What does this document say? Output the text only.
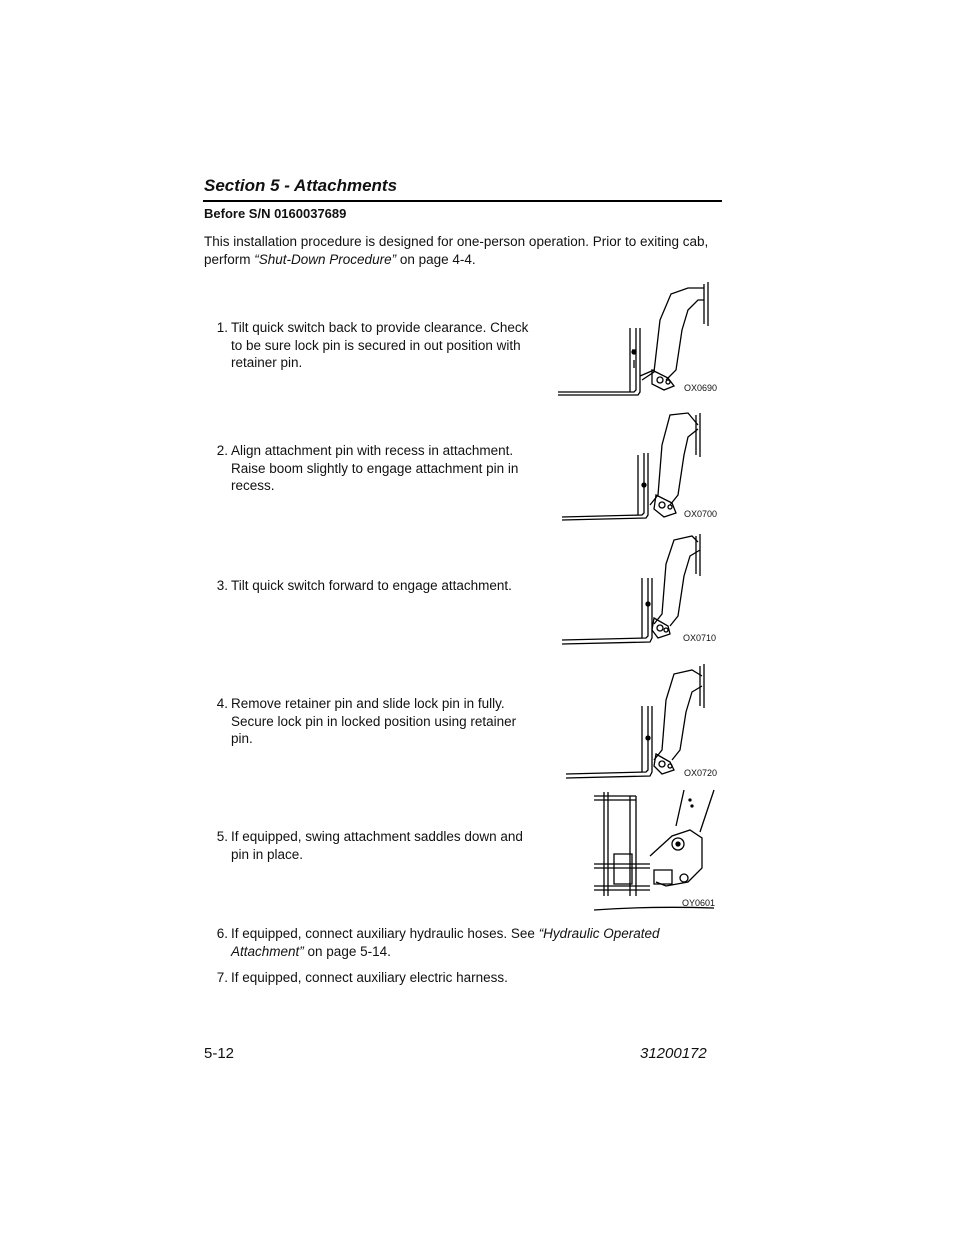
Section 5 - Attachments
Before S/N 0160037689
This installation procedure is designed for one-person operation. Prior to exiting cab,
perform “Shut-Down Procedure” on page 4-4.
1. Tilt quick switch back to provide clearance. Check
to be sure lock pin is secured in out position with
retainer pin.
2. Align attachment pin with recess in attachment.
Raise boom slightly to engage attachment pin in
recess.
3. Tilt quick switch forward to engage attachment.
4. Remove retainer pin and slide lock pin in fully.
Secure lock pin in locked position using retainer
pin.
5. If equipped, swing attachment saddles down and
pin in place.
6. If equipped, connect auxiliary hydraulic hoses. See “Hydraulic Operated
Attachment” on page 5-14.
7. If equipped, connect auxiliary electric harness.
OX0690
OX0700
OX0710
OX0720
OY0601
5-12	31200172
